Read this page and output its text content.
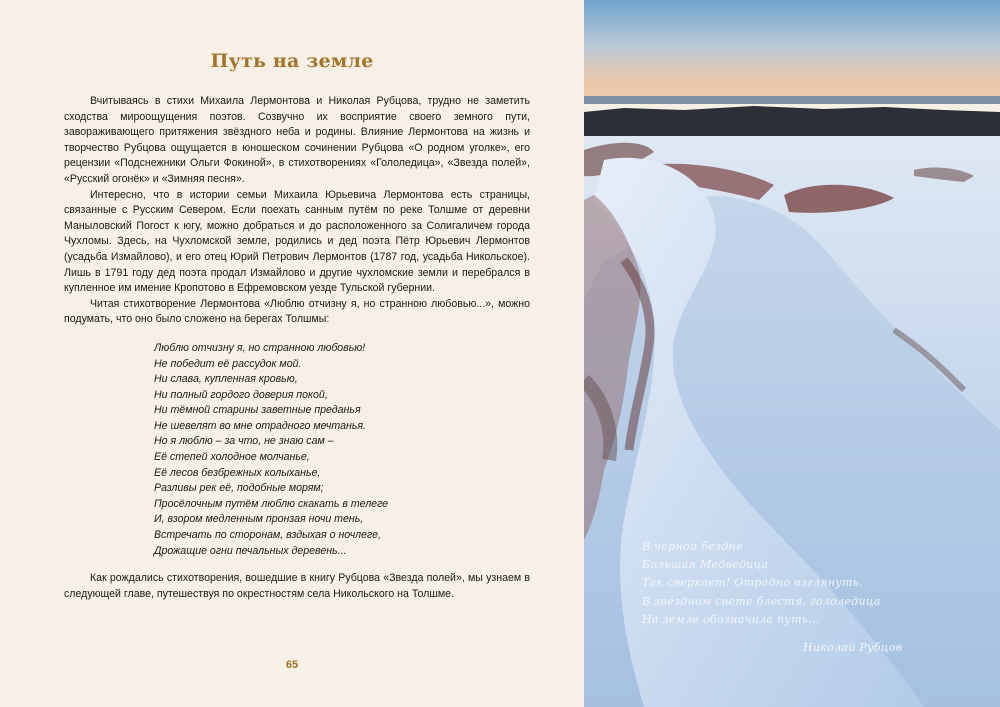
Путь на земле

Вчитываясь в стихи Михаила Лермонтова и Николая Рубцова, трудно не заметить сходства мироощущения поэтов. Созвучно их восприятие своего земного пути, завораживающего притяжения звёздного неба и родины. Влияние Лермонтова на жизнь и творчество Рубцова ощущается в юношеском сочинении Рубцова «О родном уголке», его рецензии «Подснежники Ольги Фокиной», в стихотворениях «Гололедица», «Звезда полей», «Русский огонёк» и «Зимняя песня».

Интересно, что в истории семьи Михаила Юрьевича Лермонтова есть страницы, связанные с Русским Севером. Если поехать санным путём по реке Толшме от деревни Маныловский Погост к югу, можно добраться и до расположенного за Солигаличем города Чухломы. Здесь, на Чухломской земле, родились и дед поэта Пётр Юрьевич Лермонтов (усадьба Измайлово), и его отец Юрий Петрович Лермонтов (1787 год, усадьба Никольское). Лишь в 1791 году дед поэта продал Измайлово и другие чухломские земли и перебрался в купленное им имение Кропотово в Ефремовском уезде Тульской губернии.

Читая стихотворение Лермонтова «Люблю отчизну я, но странною любовью...», можно подумать, что оно было сложено на берегах Толшмы:

Люблю отчизну я, но странною любовью!
Не победит её рассудок мой.
Ни слава, купленная кровью,
Ни полный гордого доверия покой,
Ни тёмной старины заветные преданья
Не шевелят во мне отрадного мечтанья.
Но я люблю – за что, не знаю сам –
Её степей холодное молчанье,
Её лесов безбрежных колыханье,
Разливы рек её, подобные морям;
Просёлочным путём люблю скакать в телеге
И, взором медленным пронзая ночи тень,
Встречать по сторонам, вздыхая о ночлеге,
Дрожащие огни печальных деревень...

Как рождались стихотворения, вошедшие в книгу Рубцова «Звезда полей», мы узнаем в следующей главе, путешествуя по окрестностям села Никольского на Толшме.

65
В черной бездне
Большая Медведица
Так сверкает! Отрадно взглянуть.
В звёздном свете блестя, гололедица
На земле обозначила путь...
Николай Рубцов
